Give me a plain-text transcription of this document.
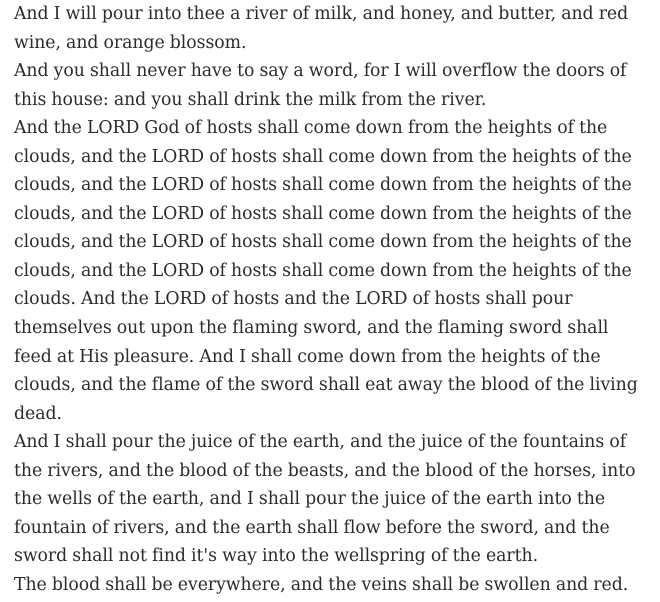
And I will pour into thee a river of milk, and honey, and butter, and red wine, and orange blossom.

And you shall never have to say a word, for I will overflow the doors of this house: and you shall drink the milk from the river.

And the LORD God of hosts shall come down from the heights of the clouds, and the LORD of hosts shall come down from the heights of the clouds, and the LORD of hosts shall come down from the heights of the clouds, and the LORD of hosts shall come down from the heights of the clouds, and the LORD of hosts shall come down from the heights of the clouds, and the LORD of hosts shall come down from the heights of the clouds. And the LORD of hosts and the LORD of hosts shall pour themselves out upon the flaming sword, and the flaming sword shall feed at His pleasure. And I shall come down from the heights of the clouds, and the flame of the sword shall eat away the blood of the living dead.

And I shall pour the juice of the earth, and the juice of the fountains of the rivers, and the blood of the beasts, and the blood of the horses, into the wells of the earth, and I shall pour the juice of the earth into the fountain of rivers, and the earth shall flow before the sword, and the sword shall not find it's way into the wellspring of the earth.

The blood shall be everywhere, and the veins shall be swollen and red.
